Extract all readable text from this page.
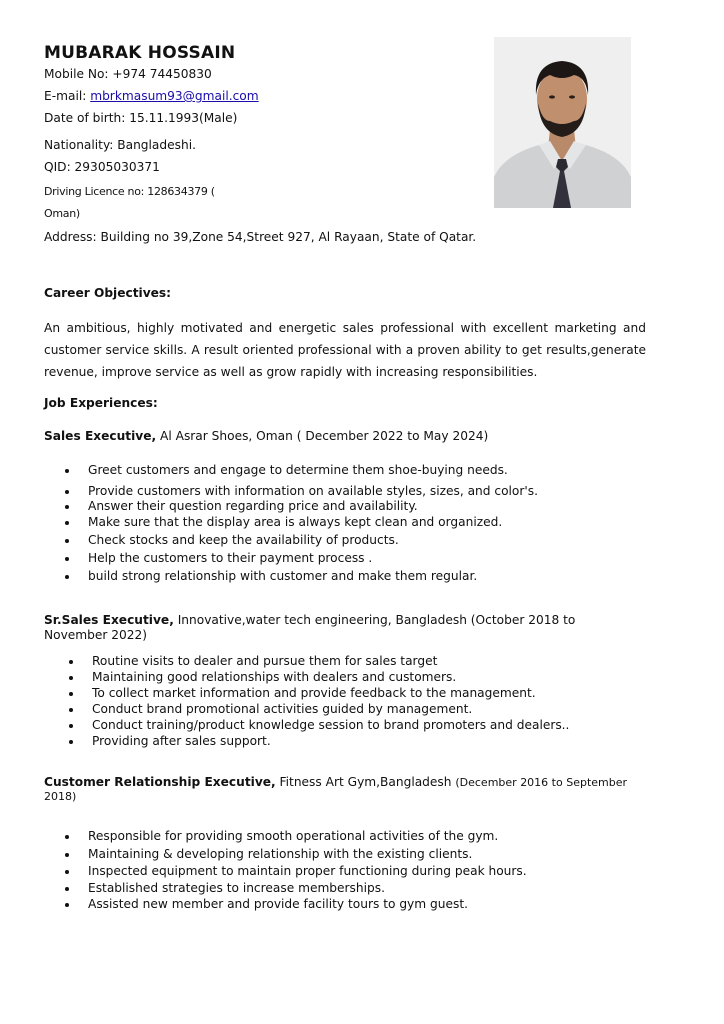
MUBARAK HOSSAIN
Mobile No: +974 74450830
E-mail: mbrkmasum93@gmail.com
Date of birth: 15.11.1993(Male)
Nationality: Bangladeshi.
QID: 29305030371
Driving Licence no: 128634379 (
Oman)
Address: Building no 39,Zone 54,Street 927, Al Rayaan, State of Qatar.
Career Objectives:
An ambitious, highly motivated and energetic sales professional with excellent marketing and customer service skills. A result oriented professional with a proven ability to get results,generate revenue, improve service as well as grow rapidly with increasing responsibilities.
Job Experiences:
Sales Executive, Al Asrar Shoes, Oman ( December 2022 to May 2024)
Greet customers and engage to determine them shoe-buying needs.
Provide customers with information on available styles, sizes, and color's.
Answer their question regarding price and availability.
Make sure that the display area is always kept clean and organized.
Check stocks and keep the availability of products.
Help the customers to their payment process .
build strong relationship with customer and make them regular.
Sr.Sales Executive, Innovative,water tech engineering, Bangladesh (October 2018 to
November 2022)
Routine visits to dealer and pursue them for sales target
Maintaining good relationships with dealers and customers.
To collect market information and provide feedback to the management.
Conduct brand promotional activities guided by management.
Conduct training/product knowledge session to brand promoters and dealers..
Providing after sales support.
Customer Relationship Executive, Fitness Art Gym,Bangladesh (December 2016 to September
2018)
Responsible for providing smooth operational activities of the gym.
Maintaining & developing relationship with the existing clients.
Inspected equipment to maintain proper functioning during peak hours.
Established strategies to increase memberships.
Assisted new member and provide facility tours to gym guest.
